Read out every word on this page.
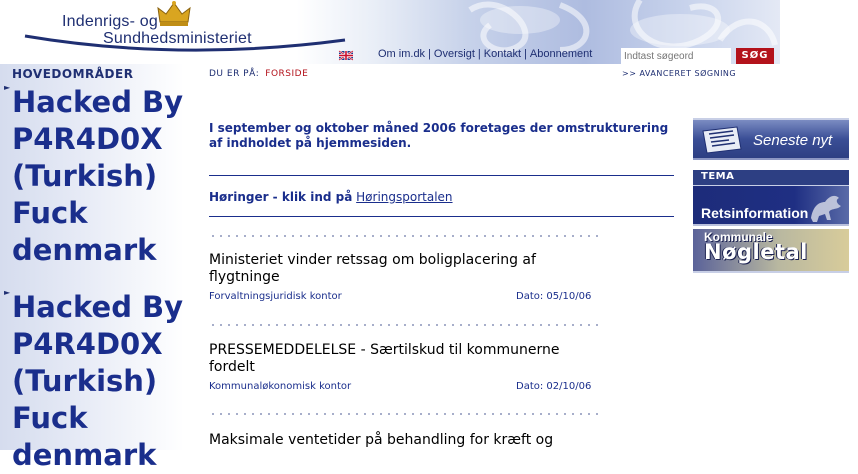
Indenrigs- og
Sundhedsministeriet
Om im.dk | Oversigt | Kontakt | Abonnement
Indtast søgeord	SØG
HOVEDOMRÅDER
► Hacked By P4R4D0X (Turkish) Fuck denmark
► Hacked By P4R4D0X (Turkish) Fuck denmark
DU ER PÅ: FORSIDE	>> AVANCERET SØGNING
I september og oktober måned 2006 foretages der omstrukturering af indholdet på hjemmesiden.
Høringer - klik ind på Høringsportalen
Ministeriet vinder retssag om boligplacering af flygtninge
Forvaltningsjuridisk kontor	Dato: 05/10/06
PRESSEMEDDELELSE - Særtilskud til kommunerne fordelt
Kommunaløkonomisk kontor	Dato: 02/10/06
Maksimale ventetider på behandling for kræft og
Seneste nyt
TEMA
Retsinformation
Kommunale
Nøgletal
